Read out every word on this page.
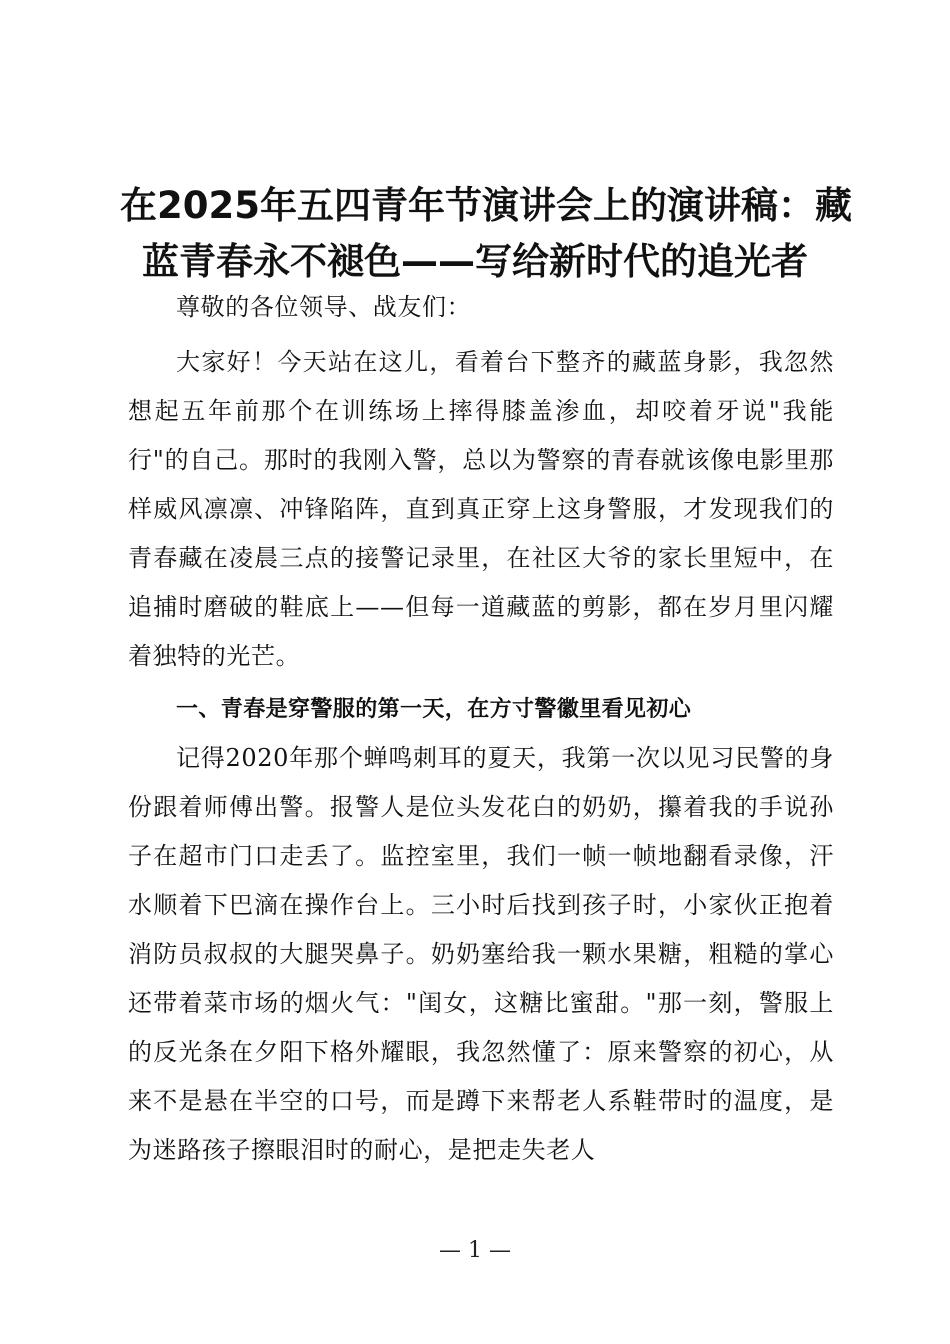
在2025年五四青年节演讲会上的演讲稿：藏
蓝青春永不褪色——写给新时代的追光者

尊敬的各位领导、战友们：

大家好！今天站在这儿，看着台下整齐的藏蓝身影，我忽然想起五年前那个在训练场上摔得膝盖渗血，却咬着牙说"我能行"的自己。那时的我刚入警，总以为警察的青春就该像电影里那样威风凛凛、冲锋陷阵，直到真正穿上这身警服，才发现我们的青春藏在凌晨三点的接警记录里，在社区大爷的家长里短中，在追捕时磨破的鞋底上——但每一道藏蓝的剪影，都在岁月里闪耀着独特的光芒。

一、青春是穿警服的第一天，在方寸警徽里看见初心

记得2020年那个蝉鸣刺耳的夏天，我第一次以见习民警的身份跟着师傅出警。报警人是位头发花白的奶奶，攥着我的手说孙子在超市门口走丢了。监控室里，我们一帧一帧地翻看录像，汗水顺着下巴滴在操作台上。三小时后找到孩子时，小家伙正抱着消防员叔叔的大腿哭鼻子。奶奶塞给我一颗水果糖，粗糙的掌心还带着菜市场的烟火气："闺女，这糖比蜜甜。"那一刻，警服上的反光条在夕阳下格外耀眼，我忽然懂了：原来警察的初心，从来不是悬在半空的口号，而是蹲下来帮老人系鞋带时的温度，是为迷路孩子擦眼泪时的耐心，是把走失老人

— 1 —
